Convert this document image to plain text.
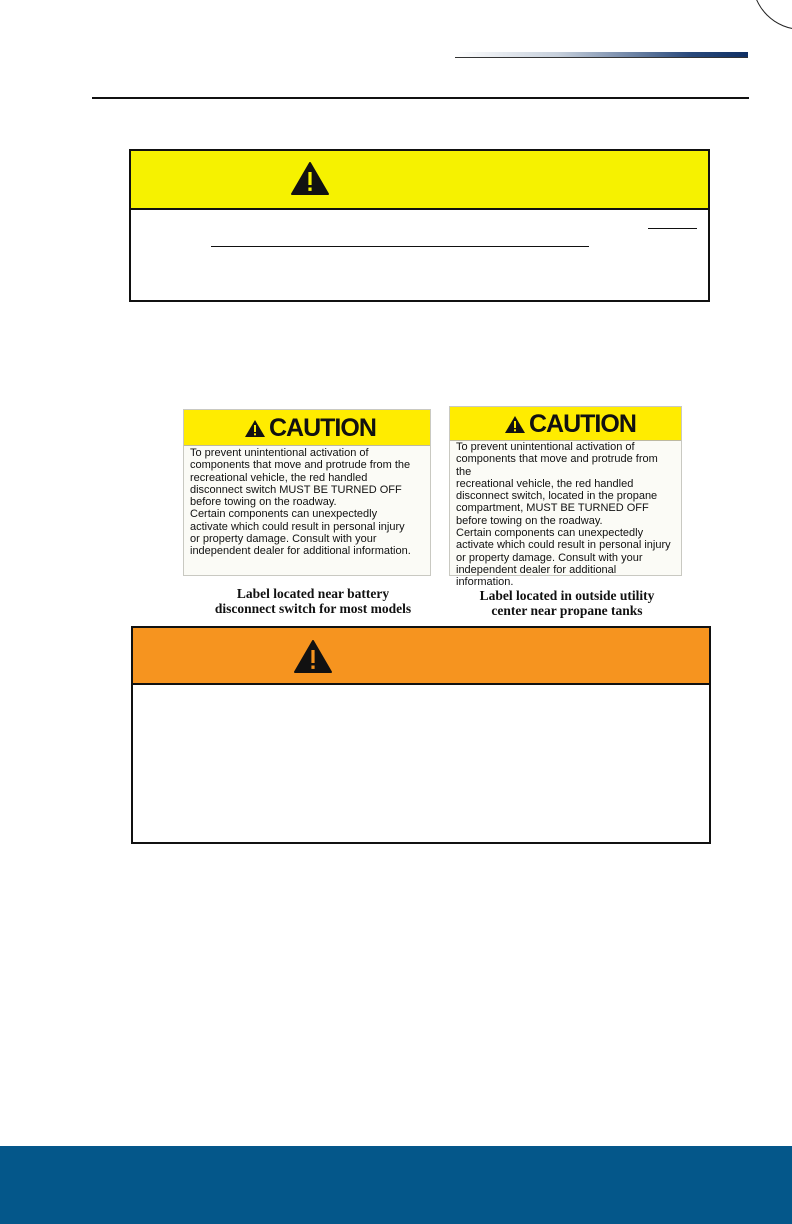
CAUTION
To prevent unintentional activation of
components that move and protrude from the
recreational vehicle, the red handled
disconnect switch MUST BE TURNED OFF
before towing on the roadway.
Certain components can unexpectedly
activate which could result in personal injury
or property damage. Consult with your
independent dealer for additional information.
CAUTION
To prevent unintentional activation of
components that move and protrude from the
recreational vehicle, the red handled
disconnect switch, located in the propane
compartment, MUST BE TURNED OFF
before towing on the roadway.
Certain components can unexpectedly
activate which could result in personal injury
or property damage. Consult with your
independent dealer for additional information.
Label located near battery
disconnect switch for most models
Label located in outside utility
center near propane tanks
